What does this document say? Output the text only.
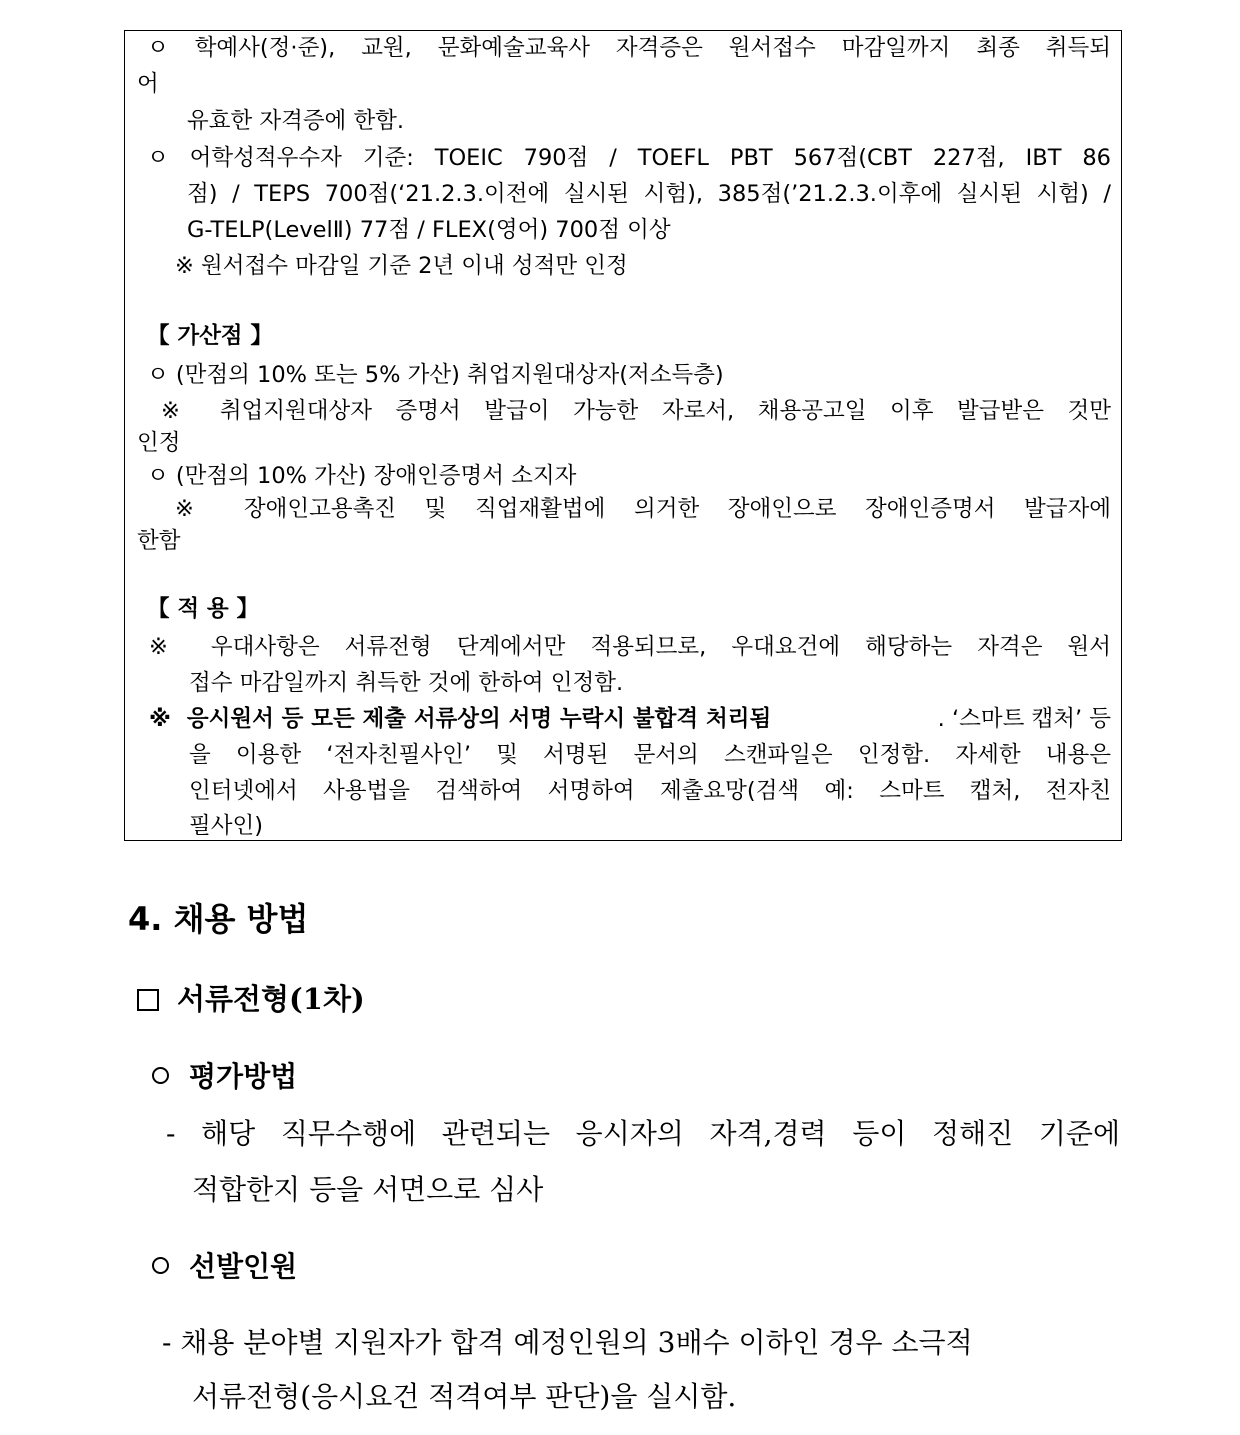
ㅇ 학예사(정·준), 교원, 문화예술교육사 자격증은 원서접수 마감일까지 최종 취득되
어
유효한 자격증에 한함.
ㅇ 어학성적우수자 기준: TOEIC 790점 / TOEFL PBT 567점(CBT 227점, IBT 86
점) / TEPS 700점(‘21.2.3.이전에 실시된 시험), 385점(’21.2.3.이후에 실시된 시험) /
G-TELP(LevelⅡ) 77점 / FLEX(영어) 700점 이상
※ 원서접수 마감일 기준 2년 이내 성적만 인정
【 가산점 】
ㅇ (만점의 10% 또는 5% 가산) 취업지원대상자(저소득층)
※ 취업지원대상자 증명서 발급이 가능한 자로서, 채용공고일 이후 발급받은 것만
인정
ㅇ (만점의 10% 가산) 장애인증명서 소지자
※ 장애인고용촉진 및 직업재활법에 의거한 장애인으로 장애인증명서 발급자에
한함
【 적 용 】
※ 우대사항은 서류전형 단계에서만 적용되므로, 우대요건에 해당하는 자격은 원서
접수 마감일까지 취득한 것에 한하여 인정함.
※ 응시원서 등 모든 제출 서류상의 서명 누락시 불합격 처리됨	. ‘스마트 캡처’ 등
을 이용한 ‘전자친필사인’ 및 서명된 문서의 스캔파일은 인정함. 자세한 내용은
인터넷에서 사용법을 검색하여 서명하여 제출요망(검색 예: 스마트 캡처, 전자친
필사인)
4. 채용 방법
서류전형(1차)
평가방법
- 해당 직무수행에 관련되는 응시자의 자격,경력 등이 정해진 기준에
적합한지 등을 서면으로 심사
선발인원
- 채용 분야별 지원자가 합격 예정인원의 3배수 이하인 경우 소극적
서류전형(응시요건 적격여부 판단)을 실시함.
